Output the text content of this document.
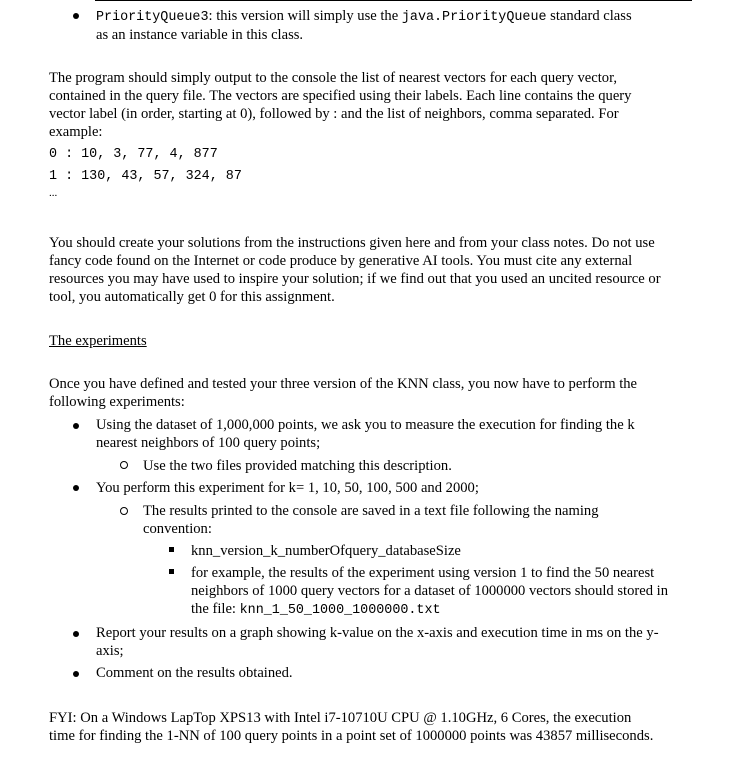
PriorityQueue3: this version will simply use the java.PriorityQueue standard class
as an instance variable in this class.
The program should simply output to the console the list of nearest vectors for each query vector,
contained in the query file. The vectors are specified using their labels. Each line contains the query
vector label (in order, starting at 0), followed by : and the list of neighbors, comma separated. For
example:
0 : 10, 3, 77, 4, 877
1 : 130, 43, 57, 324, 87
...
You should create your solutions from the instructions given here and from your class notes. Do not use
fancy code found on the Internet or code produce by generative AI tools. You must cite any external
resources you may have used to inspire your solution; if we find out that you used an uncited resource or
tool, you automatically get 0 for this assignment.
The experiments
Once you have defined and tested your three version of the KNN class, you now have to perform the
following experiments:
Using the dataset of 1,000,000 points, we ask you to measure the execution for finding the k
nearest neighbors of 100 query points;
Use the two files provided matching this description.
You perform this experiment for k= 1, 10, 50, 100, 500 and 2000;
The results printed to the console are saved in a text file following the naming
convention:
knn_version_k_numberOfquery_databaseSize
for example, the results of the experiment using version 1 to find the 50 nearest
neighbors of 1000 query vectors for a dataset of 1000000 vectors should stored in
the file: knn_1_50_1000_1000000.txt
Report your results on a graph showing k-value on the x-axis and execution time in ms on the y-
axis;
Comment on the results obtained.
FYI: On a Windows LapTop XPS13 with Intel i7-10710U CPU @ 1.10GHz, 6 Cores, the execution
time for finding the 1-NN of 100 query points in a point set of 1000000 points was 43857 milliseconds.
